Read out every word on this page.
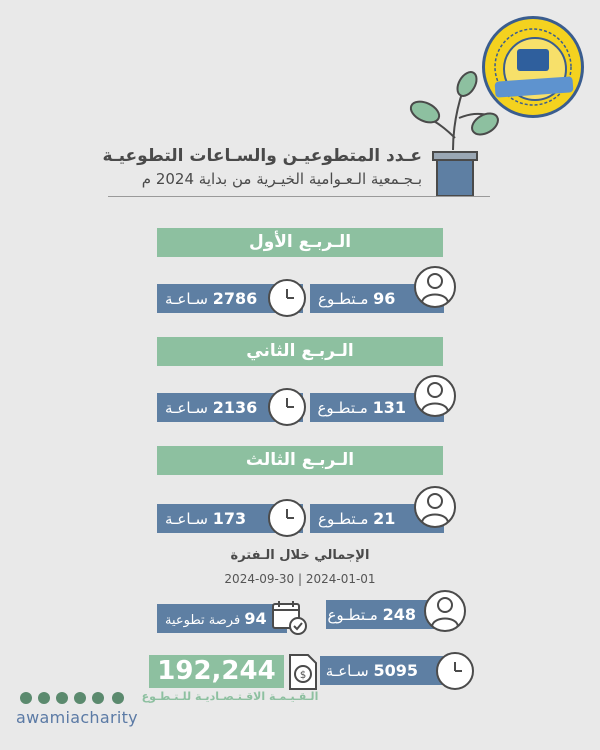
عـدد المتطوعيـن والسـاعات التطوعيـة
بـجـمعية الـعـوامية الخيـرية من بداية 2024 م
الـربـع الأول
2786 سـاعـة	96 مـتطـوع
الـربـع الثاني
2136 سـاعـة	131 مـتطـوع
الـربـع الثالث
173 سـاعـة	21 مـتطـوع
الإجمالي خلال الـفترة
2024-09-30 | 2024-01-01
94 فرصة تطوعية	248 مـتطـوع
192,244	$
الـقـيـمـة الاقـتـصـاديـة للـتـطـوع
5095 سـاعـة
awamiacharity
